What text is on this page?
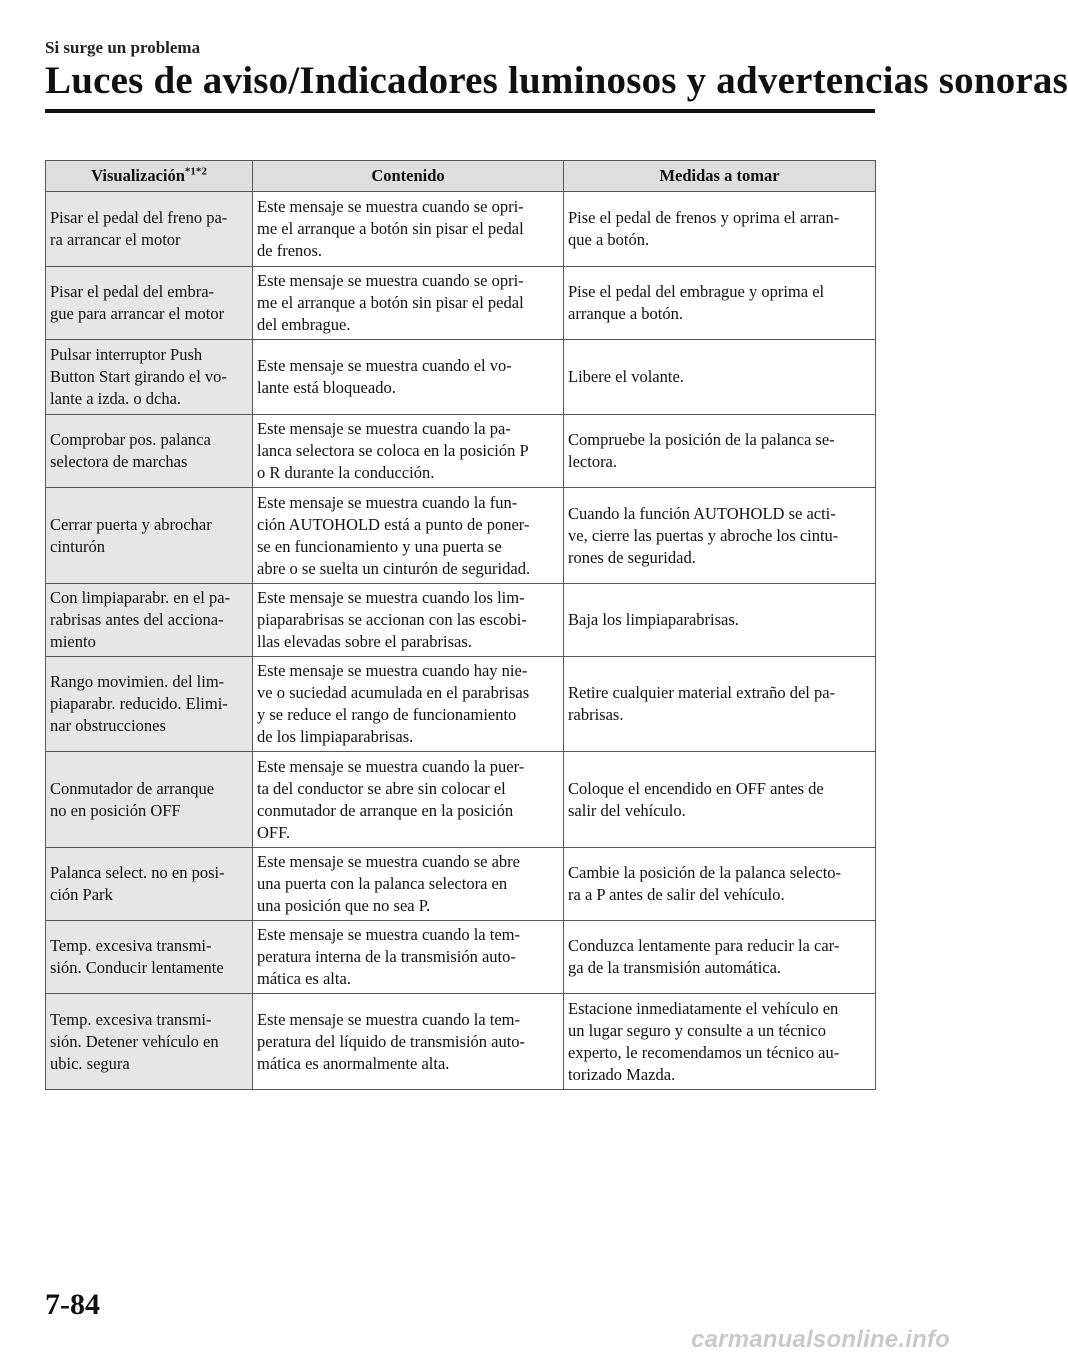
Si surge un problema
Luces de aviso/Indicadores luminosos y advertencias sonoras
Visualización$^{*1*2}$	Contenido	Medidas a tomar
Pisar el pedal del freno pa-
ra arrancar el motor	Este mensaje se muestra cuando se opri-
me el arranque a botón sin pisar el pedal
de frenos.	Pise el pedal de frenos y oprima el arran-
que a botón.
Pisar el pedal del embra-
gue para arrancar el motor	Este mensaje se muestra cuando se opri-
me el arranque a botón sin pisar el pedal
del embrague.	Pise el pedal del embrague y oprima el
arranque a botón.
Pulsar interruptor Push
Button Start girando el vo-
lante a izda. o dcha.	Este mensaje se muestra cuando el vo-
lante está bloqueado.	Libere el volante.
Comprobar pos. palanca
selectora de marchas	Este mensaje se muestra cuando la pa-
lanca selectora se coloca en la posición P
o R durante la conducción.	Compruebe la posición de la palanca se-
lectora.
Cerrar puerta y abrochar
cinturón	Este mensaje se muestra cuando la fun-
ción AUTOHOLD está a punto de poner-
se en funcionamiento y una puerta se
abre o se suelta un cinturón de seguridad.	Cuando la función AUTOHOLD se acti-
ve, cierre las puertas y abroche los cintu-
rones de seguridad.
Con limpiaparabr. en el pa-
rabrisas antes del acciona-
miento	Este mensaje se muestra cuando los lim-
piaparabrisas se accionan con las escobi-
llas elevadas sobre el parabrisas.	Baja los limpiaparabrisas.
Rango movimien. del lim-
piaparabr. reducido. Elimi-
nar obstrucciones	Este mensaje se muestra cuando hay nie-
ve o suciedad acumulada en el parabrisas
y se reduce el rango de funcionamiento
de los limpiaparabrisas.	Retire cualquier material extraño del pa-
rabrisas.
Conmutador de arranque
no en posición OFF	Este mensaje se muestra cuando la puer-
ta del conductor se abre sin colocar el
conmutador de arranque en la posición
OFF.	Coloque el encendido en OFF antes de
salir del vehículo.
Palanca select. no en posi-
ción Park	Este mensaje se muestra cuando se abre
una puerta con la palanca selectora en
una posición que no sea P.	Cambie la posición de la palanca selecto-
ra a P antes de salir del vehículo.
Temp. excesiva transmi-
sión. Conducir lentamente	Este mensaje se muestra cuando la tem-
peratura interna de la transmisión auto-
mática es alta.	Conduzca lentamente para reducir la car-
ga de la transmisión automática.
Temp. excesiva transmi-
sión. Detener vehículo en
ubic. segura	Este mensaje se muestra cuando la tem-
peratura del líquido de transmisión auto-
mática es anormalmente alta.	Estacione inmediatamente el vehículo en
un lugar seguro y consulte a un técnico
experto, le recomendamos un técnico au-
torizado Mazda.
7-84
carmanualsonline.info
